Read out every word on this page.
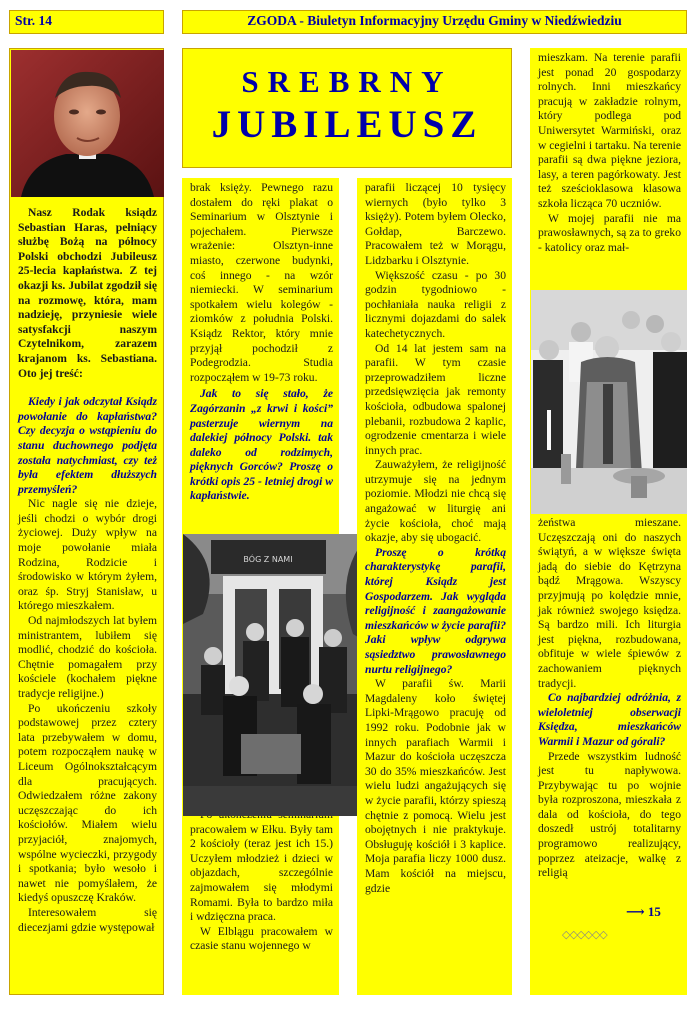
Str. 14	ZGODA - Biuletyn Informacyjny Urzędu Gminy w Niedźwiedziu

Nasz Rodak ksiądz Sebastian Haras, pełniący służbę Bożą na północy Polski obchodzi Jubileusz 25-lecia kapłaństwa. Z tej okazji ks. Jubilat zgodził się na rozmowę, która, mam nadzieję, przyniesie wiele satysfakcji naszym Czytelnikom, zarazem krajanom ks. Sebastiana. Oto jej treść:

Kiedy i jak odczytał Ksiądz powołanie do kapłaństwa? Czy decyzja o wstąpieniu do stanu duchownego podjęta została natychmiast, czy też była efektem dłuższych przemyśleń?

Nic nagle się nie dzieje, jeśli chodzi o wybór drogi życiowej. Duży wpływ na moje powołanie miała Rodzina, Rodzicie i środowisko w którym żyłem, oraz śp. Stryj Stanisław, u którego mieszkałem.

Od najmłodszych lat byłem ministrantem, lubiłem się modlić, chodzić do kościoła. Chętnie pomagałem przy kościele (kochałem piękne tradycje religijne.)

Po ukończeniu szkoły podstawowej przez cztery lata przebywałem w domu, potem rozpocząłem naukę w Liceum Ogólnokształcącym dla pracujących. Odwiedzałem różne zakony uczęszczając do ich kościołów. Miałem wielu przyjaciół, znajomych, wspólne wycieczki, przygody i spotkania; było wesoło i nawet nie pomyślałem, że kiedyś opuszczę Kraków.

Interesowałem się diecezjami gdzie występował

SREBRNY
JUBILEUSZ

brak księży. Pewnego razu dostałem do ręki plakat o Seminarium w Olsztynie i pojechałem. Pierwsze wrażenie: Olsztyn-inne miasto, czerwone budynki, coś innego - na wzór niemiecki. W seminarium spotkałem wielu kolegów - ziomków z południa Polski. Ksiądz Rektor, który mnie przyjął pochodził z Podegrodzia. Studia rozpocząłem w 19-73 roku.

Jak to się stało, że Zagórzanin „z krwi i kości” pasterzuje wiernym na dalekiej północy Polski. tak daleko od rodzimych, pięknych Gorców? Proszę o krótki opis 25 - letniej drogi w kapłaństwie.

pracowałem w Ełku. Były tam 2 kościoły (teraz jest ich 15.) Uczyłem młodzież i dzieci w objazdach, szczególnie zajmowałem się młodymi Romami. Była to bardzo miła i wdzięczna praca.

W Elblągu pracowałem w czasie stanu wojennego w

BÓG Z NAMI

parafii liczącej 10 tysięcy wiernych (było tylko 3 księży). Potem byłem Olecko, Gołdap, Barczewo. Pracowałem też w Morągu, Lidzbarku i Olsztynie.

Większość czasu - po 30 godzin tygodniowo - pochłaniała nauka religii z licznymi dojazdami do salek katechetycznych.

Od 14 lat jestem sam na parafii. W tym czasie przeprowadziłem liczne przedsięwzięcia jak remonty kościoła, odbudowa spalonej plebanii, rozbudowa 2 kaplic, ogrodzenie cmentarza i wiele innych prac.

Zauważyłem, że religijność utrzymuje się na jednym poziomie. Młodzi nie chcą się angażować w liturgię ani życie kościoła, choć mają okazje, aby się ubogacić.

Proszę o krótką charakterystykę parafii, której Ksiądz jest Gospodarzem. Jak wygląda religijność i zaangażowanie mieszkańców w życie parafii? Jaki wpływ odgrywa sąsiedztwo prawosławnego nurtu religijnego?

W parafii św. Marii Magdaleny koło świętej Lipki-Mrągowo pracuję od 1992 roku. Podobnie jak w innych parafiach Warmii i Mazur do kościoła uczęszcza 30 do 35% mieszkańców. Jest wielu ludzi angażujących się w życie parafii, którzy spieszą chętnie z pomocą. Wielu jest obojętnych i nie praktykuje. Obsługuję kościół i 3 kaplice. Moja parafia liczy 1000 dusz. Mam kościół na miejscu, gdzie

mieszkam. Na terenie parafii jest ponad 20 gospodarzy rolnych. Inni mieszkańcy pracują w zakładzie rolnym, który podlega pod Uniwersytet Warmiński, oraz w cegielni i tartaku. Na terenie parafii są dwa piękne jeziora, lasy, a teren pagórkowaty. Jest też sześcioklasowa klasowa szkoła licząca 70 uczniów.

W mojej parafii nie ma prawosławnych, są za to greko - katolicy oraz mał-

żeństwa mieszane. Uczęszczają oni do naszych świątyń, a w większe święta jadą do siebie do Kętrzyna bądź Mrągowa. Wszyscy przyjmują po kolędzie mnie, jak również swojego księdza. Są bardzo mili. Ich liturgia jest piękna, rozbudowana, obfituje w wiele śpiewów z zachowaniem pięknych tradycji.

Co najbardziej odróżnia, z wieloletniej obserwacji Księdza, mieszkańców Warmii i Mazur od górali?

Przede wszystkim ludność jest tu napływowa. Przybywając tu po wojnie była rozproszona, mieszkała z dala od kościoła, do tego doszedł ustrój totalitarny programowo realizujący, poprzez ateizacje, walkę z religią

⟶ 15
◇◇◇◇◇◇
